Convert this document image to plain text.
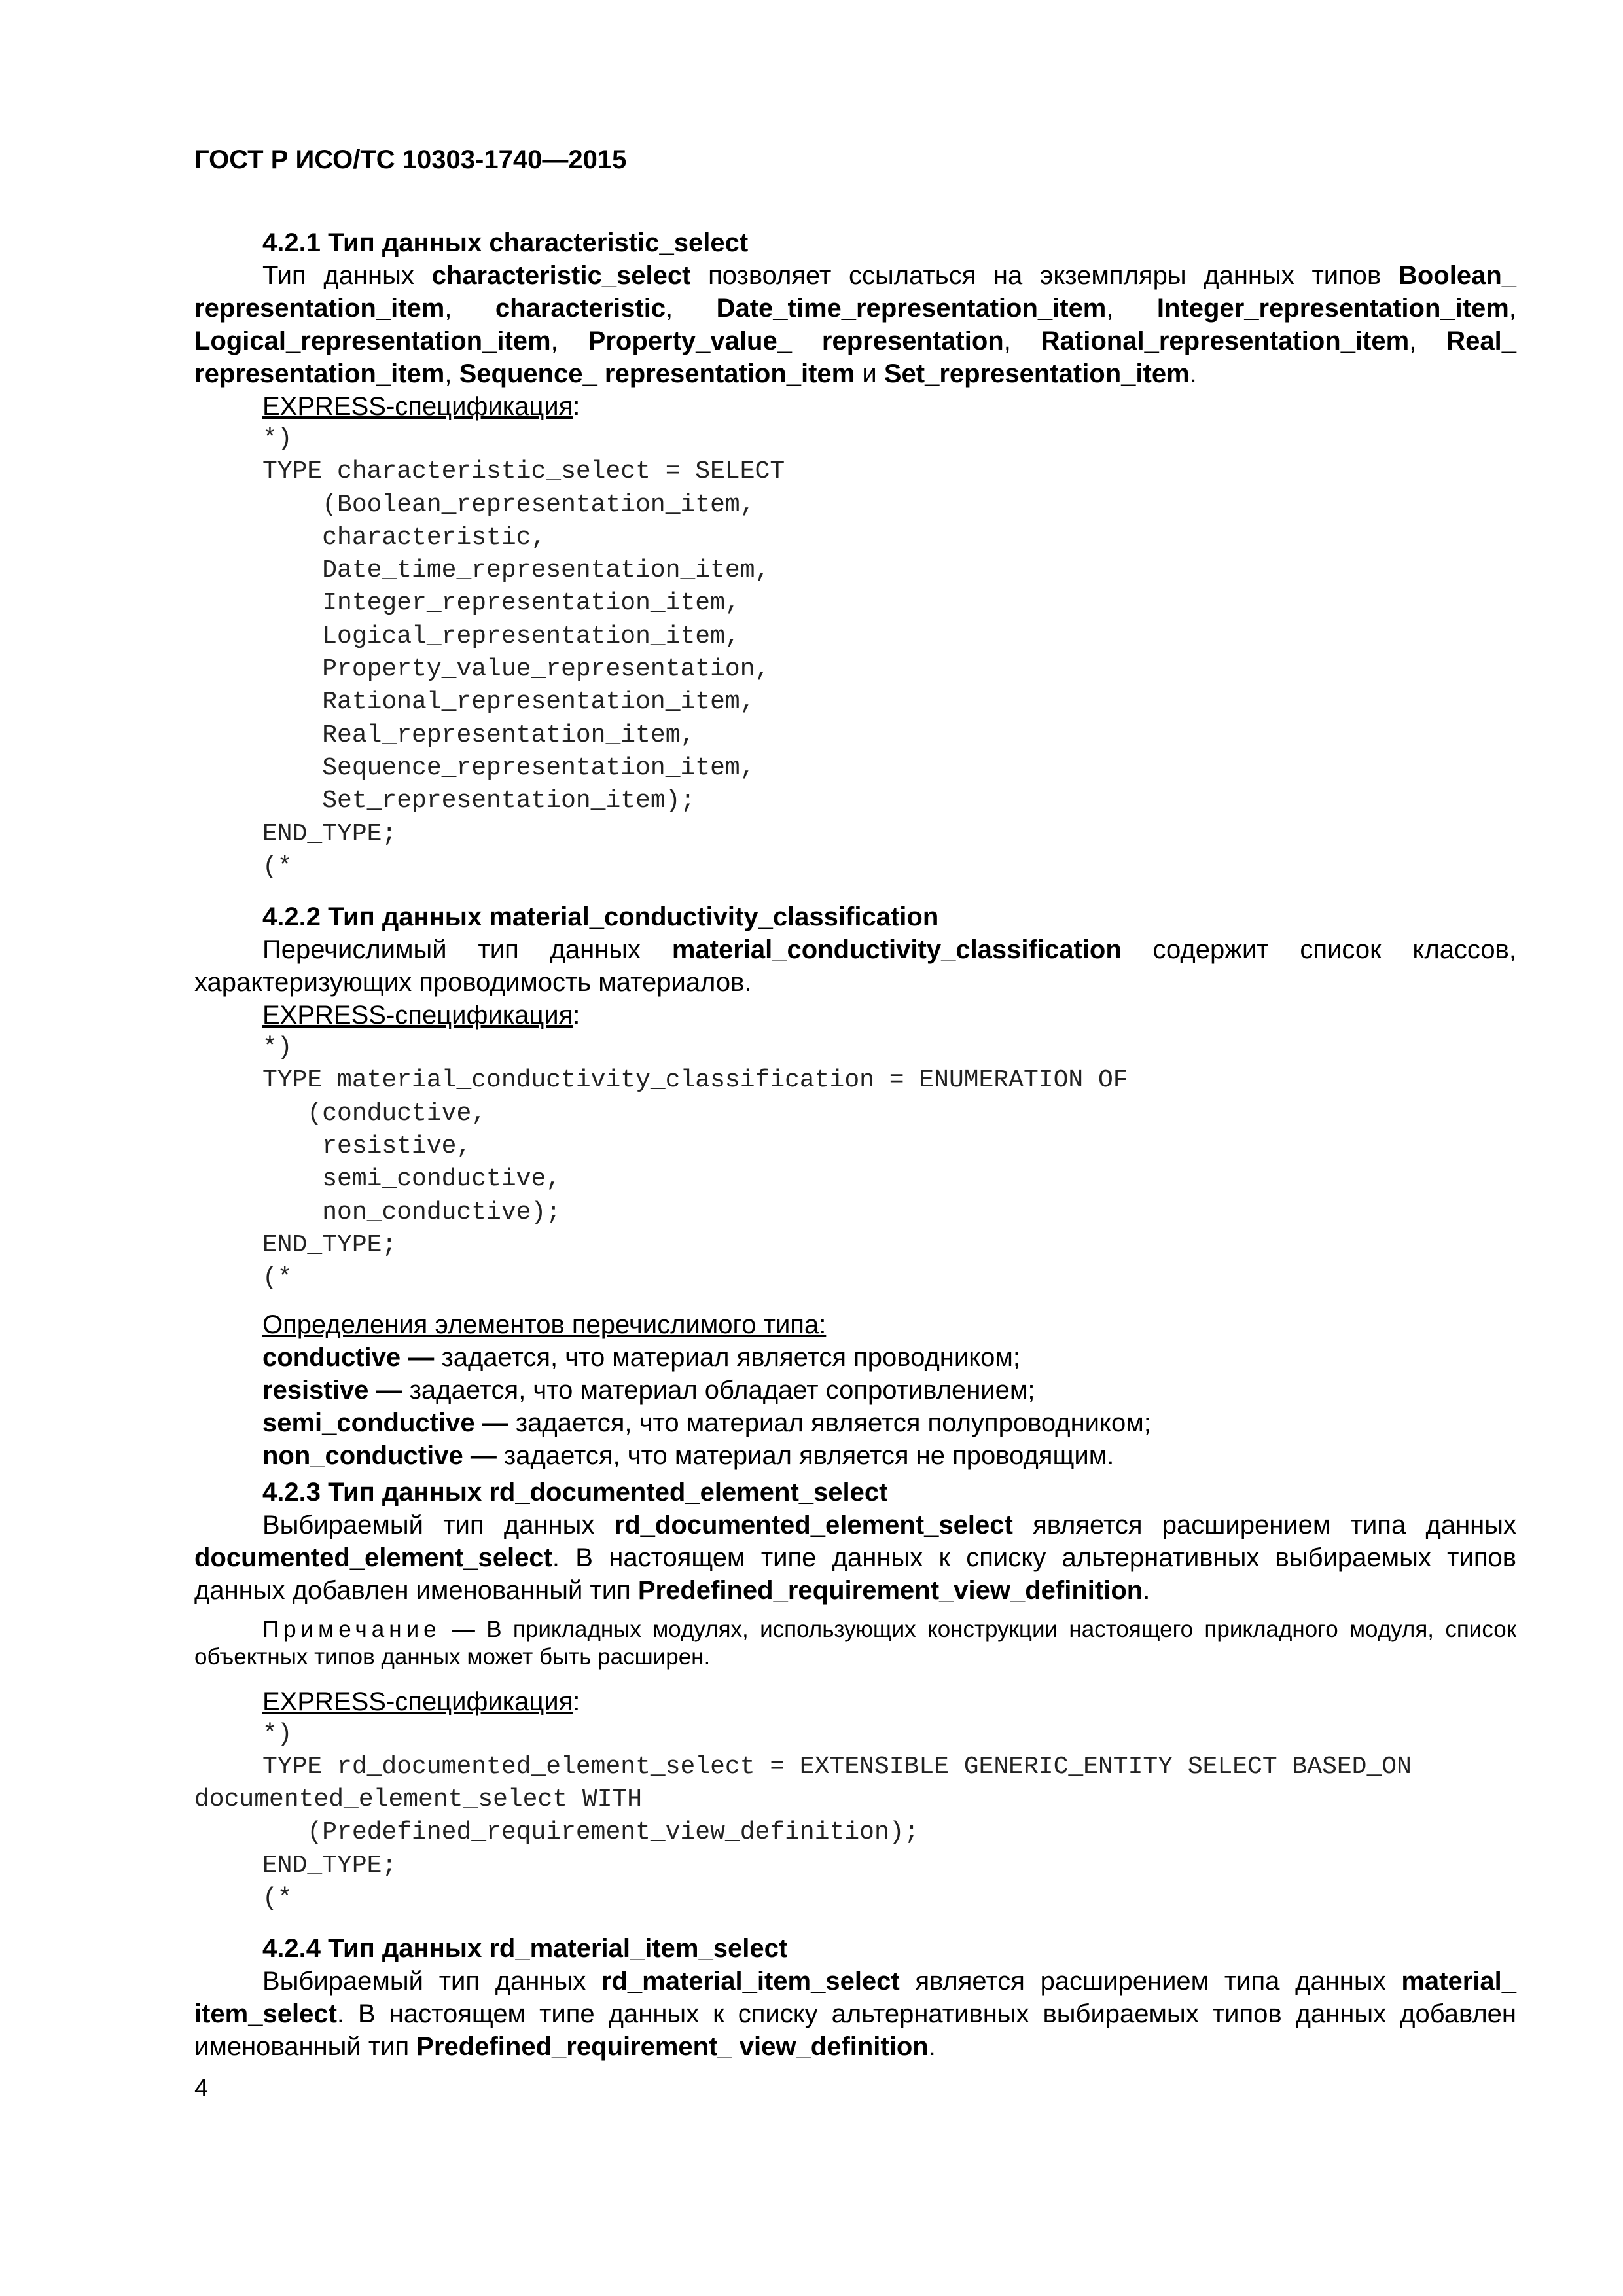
ГОСТ Р ИСО/ТС 10303-1740—2015
4.2.1 Тип данных characteristic_select
Тип данных characteristic_select позволяет ссылаться на экземпляры данных типов Boolean_ representation_item, characteristic, Date_time_representation_item, Integer_representation_item, Logical_representation_item, Property_value_ representation, Rational_representation_item, Real_ representation_item, Sequence_ representation_item и Set_representation_item.
EXPRESS-спецификация:
*)
TYPE characteristic_select = SELECT
(Boolean_representation_item,
characteristic,
Date_time_representation_item,
Integer_representation_item,
Logical_representation_item,
Property_value_representation,
Rational_representation_item,
Real_representation_item,
Sequence_representation_item,
Set_representation_item);
END_TYPE;
(*
4.2.2 Тип данных material_conductivity_classification
Перечислимый тип данных material_conductivity_classification содержит список классов, характеризующих проводимость материалов.
EXPRESS-спецификация:
*)
TYPE material_conductivity_classification = ENUMERATION OF
(conductive,
resistive,
semi_conductive,
non_conductive);
END_TYPE;
(*
Определения элементов перечислимого типа:
conductive — задается, что материал является проводником;
resistive — задается, что материал обладает сопротивлением;
semi_conductive — задается, что материал является полупроводником;
non_conductive — задается, что материал является не проводящим.
4.2.3 Тип данных rd_documented_element_select
Выбираемый тип данных rd_documented_element_select является расширением типа данных documented_element_select. В настоящем типе данных к списку альтернативных выбираемых типов данных добавлен именованный тип Predefined_requirement_view_definition.
Примечание — В прикладных модулях, использующих конструкции настоящего прикладного модуля, список объектных типов данных может быть расширен.
EXPRESS-спецификация:
*)
TYPE rd_documented_element_select = EXTENSIBLE GENERIC_ENTITY SELECT BASED_ON
documented_element_select WITH
(Predefined_requirement_view_definition);
END_TYPE;
(*
4.2.4 Тип данных rd_material_item_select
Выбираемый тип данных rd_material_item_select является расширением типа данных material_ item_select. В настоящем типе данных к списку альтернативных выбираемых типов данных добавлен именованный тип Predefined_requirement_ view_definition.
4
